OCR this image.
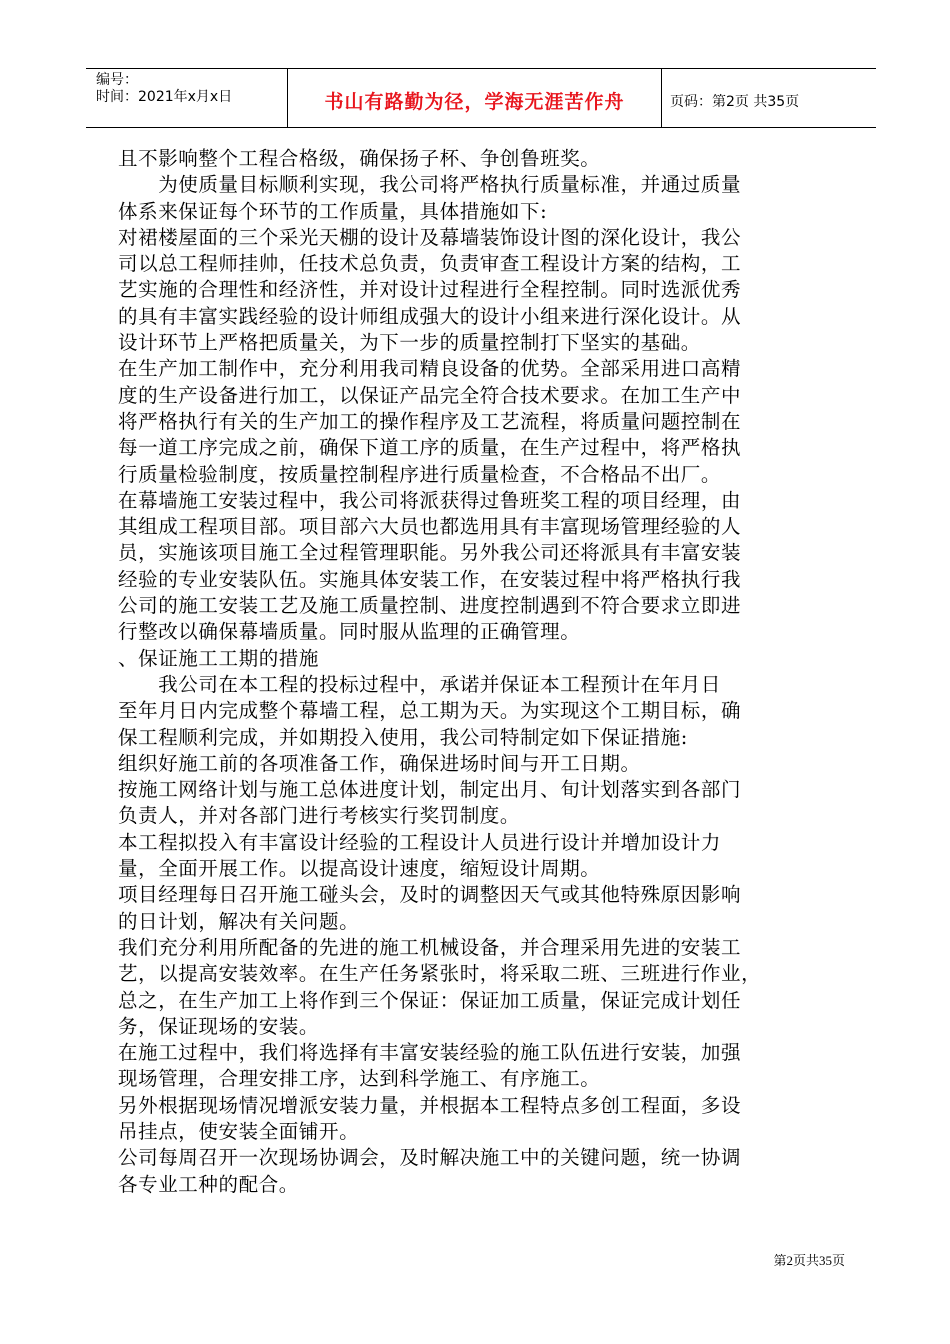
编号：
时间：2021年x月x日	书山有路勤为径，学海无涯苦作舟	页码：第2页 共35页
且不影响整个工程合格级，确保扬子杯、争创鲁班奖。
　　为使质量目标顺利实现，我公司将严格执行质量标准，并通过质量
体系来保证每个环节的工作质量，具体措施如下:
对裙楼屋面的三个采光天棚的设计及幕墙装饰设计图的深化设计，我公
司以总工程师挂帅，任技术总负责，负责审查工程设计方案的结构，工
艺实施的合理性和经济性，并对设计过程进行全程控制。同时选派优秀
的具有丰富实践经验的设计师组成强大的设计小组来进行深化设计。从
设计环节上严格把质量关，为下一步的质量控制打下坚实的基础。
在生产加工制作中，充分利用我司精良设备的优势。全部采用进口高精
度的生产设备进行加工，以保证产品完全符合技术要求。在加工生产中
将严格执行有关的生产加工的操作程序及工艺流程，将质量问题控制在
每一道工序完成之前，确保下道工序的质量，在生产过程中，将严格执
行质量检验制度，按质量控制程序进行质量检查，不合格品不出厂。
在幕墙施工安装过程中，我公司将派获得过鲁班奖工程的项目经理，由
其组成工程项目部。项目部六大员也都选用具有丰富现场管理经验的人
员，实施该项目施工全过程管理职能。另外我公司还将派具有丰富安装
经验的专业安装队伍。实施具体安装工作，在安装过程中将严格执行我
公司的施工安装工艺及施工质量控制、进度控制遇到不符合要求立即进
行整改以确保幕墙质量。同时服从监理的正确管理。
、保证施工工期的措施
　　我公司在本工程的投标过程中，承诺并保证本工程预计在年月日
至年月日内完成整个幕墙工程，总工期为天。为实现这个工期目标，确
保工程顺利完成，并如期投入使用，我公司特制定如下保证措施:
组织好施工前的各项准备工作，确保进场时间与开工日期。
按施工网络计划与施工总体进度计划，制定出月、旬计划落实到各部门
负责人，并对各部门进行考核实行奖罚制度。
本工程拟投入有丰富设计经验的工程设计人员进行设计并增加设计力
量，全面开展工作。以提高设计速度，缩短设计周期。
项目经理每日召开施工碰头会，及时的调整因天气或其他特殊原因影响
的日计划，解决有关问题。
我们充分利用所配备的先进的施工机械设备，并合理采用先进的安装工
艺，以提高安装效率。在生产任务紧张时，将采取二班、三班进行作业，
总之，在生产加工上将作到三个保证：保证加工质量，保证完成计划任
务，保证现场的安装。
在施工过程中，我们将选择有丰富安装经验的施工队伍进行安装，加强
现场管理，合理安排工序，达到科学施工、有序施工。
另外根据现场情况增派安装力量，并根据本工程特点多创工程面，多设
吊挂点，使安装全面铺开。
公司每周召开一次现场协调会，及时解决施工中的关键问题，统一协调
各专业工种的配合。
第2页共35页
